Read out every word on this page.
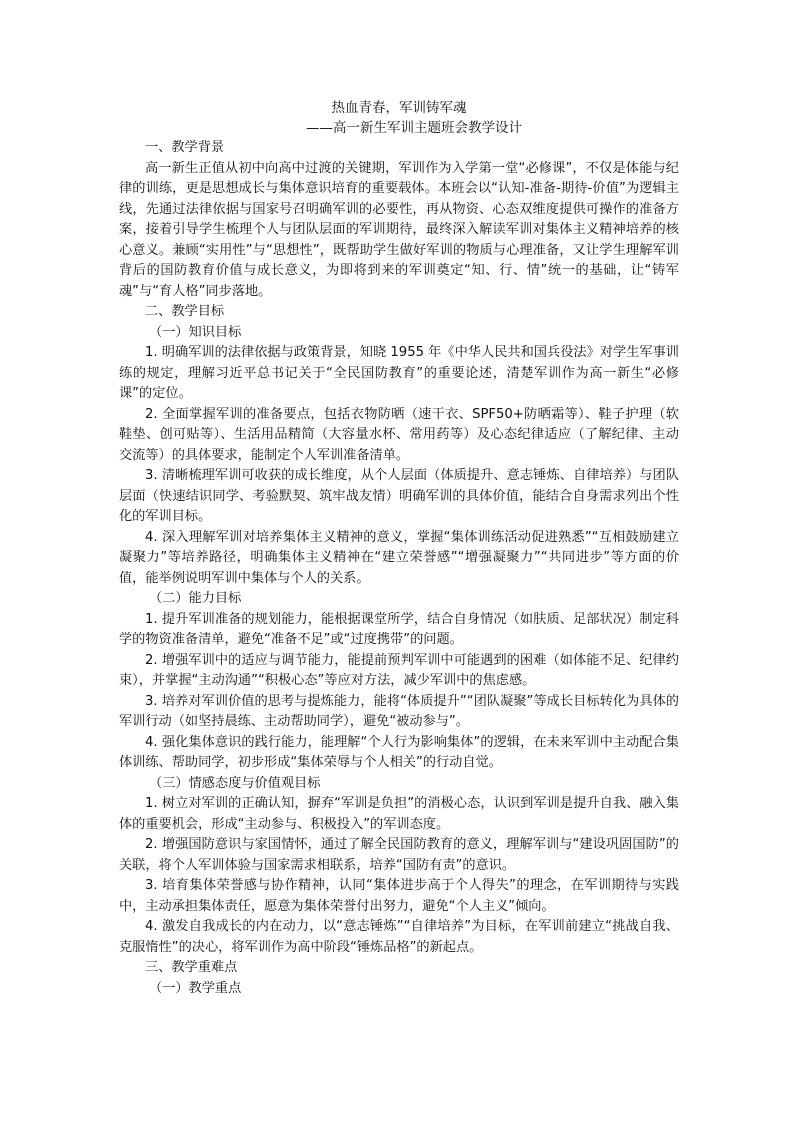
热血青春，军训铸军魂

——高一新生军训主题班会教学设计

一、教学背景

高一新生正值从初中向高中过渡的关键期，军训作为入学第一堂“必修课”，不仅是体能与纪律的训练，更是思想成长与集体意识培育的重要载体。本班会以“认知-准备-期待-价值”为逻辑主线，先通过法律依据与国家号召明确军训的必要性，再从物资、心态双维度提供可操作的准备方案，接着引导学生梳理个人与团队层面的军训期待，最终深入解读军训对集体主义精神培养的核心意义。兼顾“实用性”与“思想性”，既帮助学生做好军训的物质与心理准备，又让学生理解军训背后的国防教育价值与成长意义，为即将到来的军训奠定“知、行、情”统一的基础，让“铸军魂”与“育人格”同步落地。

二、教学目标

（一）知识目标

1. 明确军训的法律依据与政策背景，知晓 1955 年《中华人民共和国兵役法》对学生军事训练的规定，理解习近平总书记关于“全民国防教育”的重要论述，清楚军训作为高一新生“必修课”的定位。

2. 全面掌握军训的准备要点，包括衣物防晒（速干衣、SPF50+防晒霜等）、鞋子护理（软鞋垫、创可贴等）、生活用品精简（大容量水杯、常用药等）及心态纪律适应（了解纪律、主动交流等）的具体要求，能制定个人军训准备清单。

3. 清晰梳理军训可收获的成长维度，从个人层面（体质提升、意志锤炼、自律培养）与团队层面（快速结识同学、考验默契、筑牢战友情）明确军训的具体价值，能结合自身需求列出个性化的军训目标。

4. 深入理解军训对培养集体主义精神的意义，掌握“集体训练活动促进熟悉”“互相鼓励建立凝聚力”等培养路径，明确集体主义精神在“建立荣誉感”“增强凝聚力”“共同进步”等方面的价值，能举例说明军训中集体与个人的关系。

（二）能力目标

1. 提升军训准备的规划能力，能根据课堂所学，结合自身情况（如肤质、足部状况）制定科学的物资准备清单，避免“准备不足”或“过度携带”的问题。

2. 增强军训中的适应与调节能力，能提前预判军训中可能遇到的困难（如体能不足、纪律约束），并掌握“主动沟通”“积极心态”等应对方法，减少军训中的焦虑感。

3. 培养对军训价值的思考与提炼能力，能将“体质提升”“团队凝聚”等成长目标转化为具体的军训行动（如坚持晨练、主动帮助同学），避免“被动参与”。

4. 强化集体意识的践行能力，能理解“个人行为影响集体”的逻辑，在未来军训中主动配合集体训练、帮助同学，初步形成“集体荣辱与个人相关”的行动自觉。

（三）情感态度与价值观目标

1. 树立对军训的正确认知，摒弃“军训是负担”的消极心态，认识到军训是提升自我、融入集体的重要机会，形成“主动参与、积极投入”的军训态度。

2. 增强国防意识与家国情怀，通过了解全民国防教育的意义，理解军训与“建设巩固国防”的关联，将个人军训体验与国家需求相联系，培养“国防有责”的意识。

3. 培育集体荣誉感与协作精神，认同“集体进步高于个人得失”的理念，在军训期待与实践中，主动承担集体责任，愿意为集体荣誉付出努力，避免“个人主义”倾向。

4. 激发自我成长的内在动力，以“意志锤炼”“自律培养”为目标，在军训前建立“挑战自我、克服惰性”的决心，将军训作为高中阶段“锤炼品格”的新起点。

三、教学重难点

（一）教学重点
